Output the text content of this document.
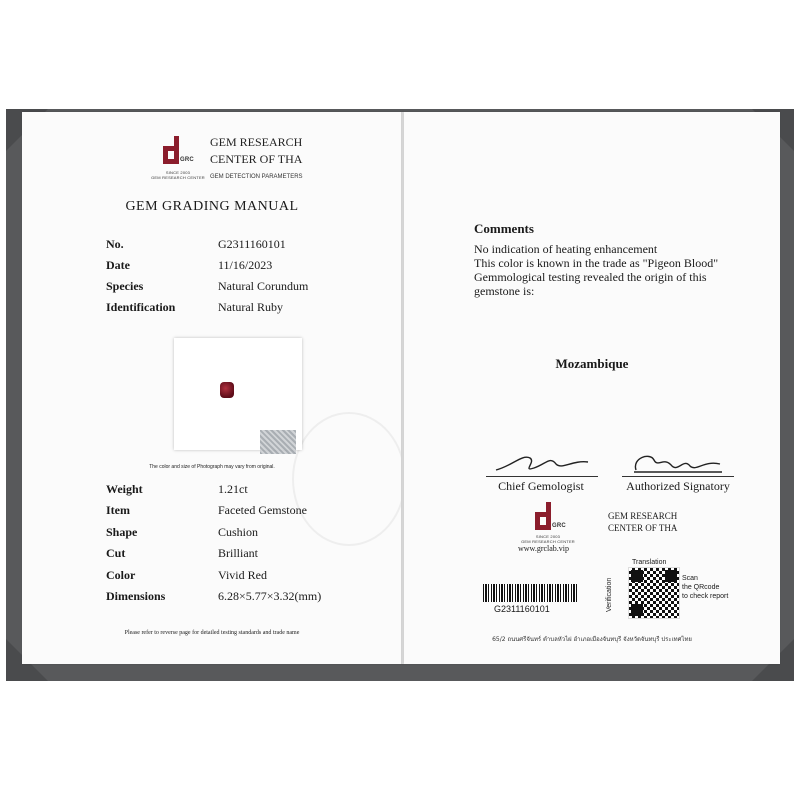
GRC
SINCE 2003
GEM RESEARCH CENTER
GEM RESEARCH
CENTER OF THA
GEM DETECTION PARAMETERS
GEM GRADING MANUAL
No.	G2311160101
Date	11/16/2023
Species	Natural Corundum
Identification	Natural Ruby
The color and size of Photograph may vary from original.
Weight	1.21ct
Item	Faceted Gemstone
Shape	Cushion
Cut	Brilliant
Color	Vivid Red
Dimensions	6.28×5.77×3.32(mm)
Please refer to reverse page for detailed testing standards and trade name
Comments
No indication of heating enhancement
This color is known in the trade as "Pigeon Blood"
Gemmological testing revealed the origin of this
gemstone is:
Mozambique
Chief Gemologist	Authorized Signatory
GRC
SINCE 2003
GEM RESEARCH CENTER
www.grclab.vip
GEM RESEARCH
CENTER OF THA
Translation
Scan
the QRcode
to check report
G2311160101
65/2 ถนนศรีจันทร์ ตำบลหัวไผ่ อำเภอเมืองจันทบุรี จังหวัดจันทบุรี ประเทศไทย
Verification
